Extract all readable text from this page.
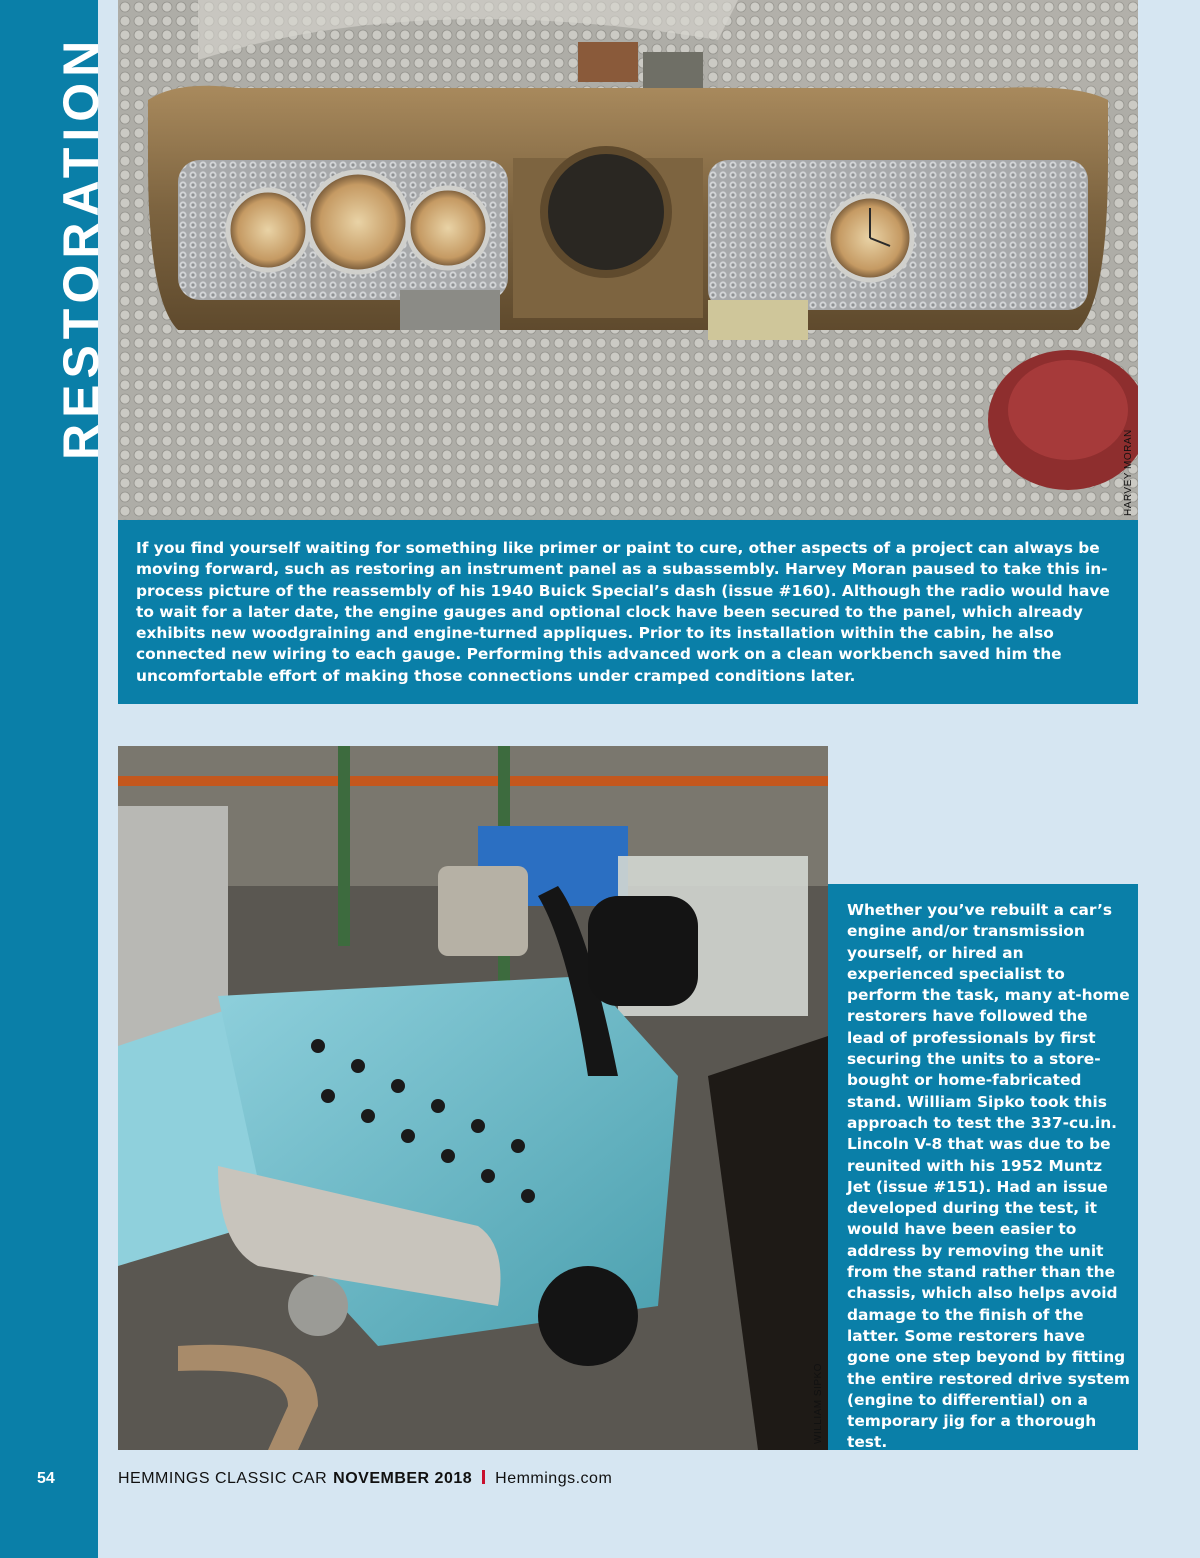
RESTORATION
HARVEY MORAN
If you find yourself waiting for something like primer or paint to cure, other aspects of a project can always be moving forward, such as restoring an instrument panel as a subassembly. Harvey Moran paused to take this in-process picture of the reassembly of his 1940 Buick Special’s dash (issue #160). Although the radio would have to wait for a later date, the engine gauges and optional clock have been secured to the panel, which already exhibits new woodgraining and engine-turned appliques. Prior to its installation within the cabin, he also connected new wiring to each gauge. Performing this advanced work on a clean workbench saved him the uncomfortable effort of making those connections under cramped conditions later.
WILLIAM SIPKO
Whether you’ve rebuilt a car’s engine and/or transmission yourself, or hired an experienced specialist to perform the task, many at-home restorers have followed the lead of professionals by first securing the units to a store-bought or home-fabricated stand. William Sipko took this approach to test the 337-cu.in. Lincoln V-8 that was due to be reunited with his 1952 Muntz Jet (issue #151). Had an issue developed during the test, it would have been easier to address by removing the unit from the stand rather than the chassis, which also helps avoid damage to the finish of the latter. Some restorers have gone one step beyond by fitting the entire restored drive system (engine to differential) on a temporary jig for a thorough test.
54	HEMMINGS CLASSIC CAR NOVEMBER 2018 Hemmings.com
